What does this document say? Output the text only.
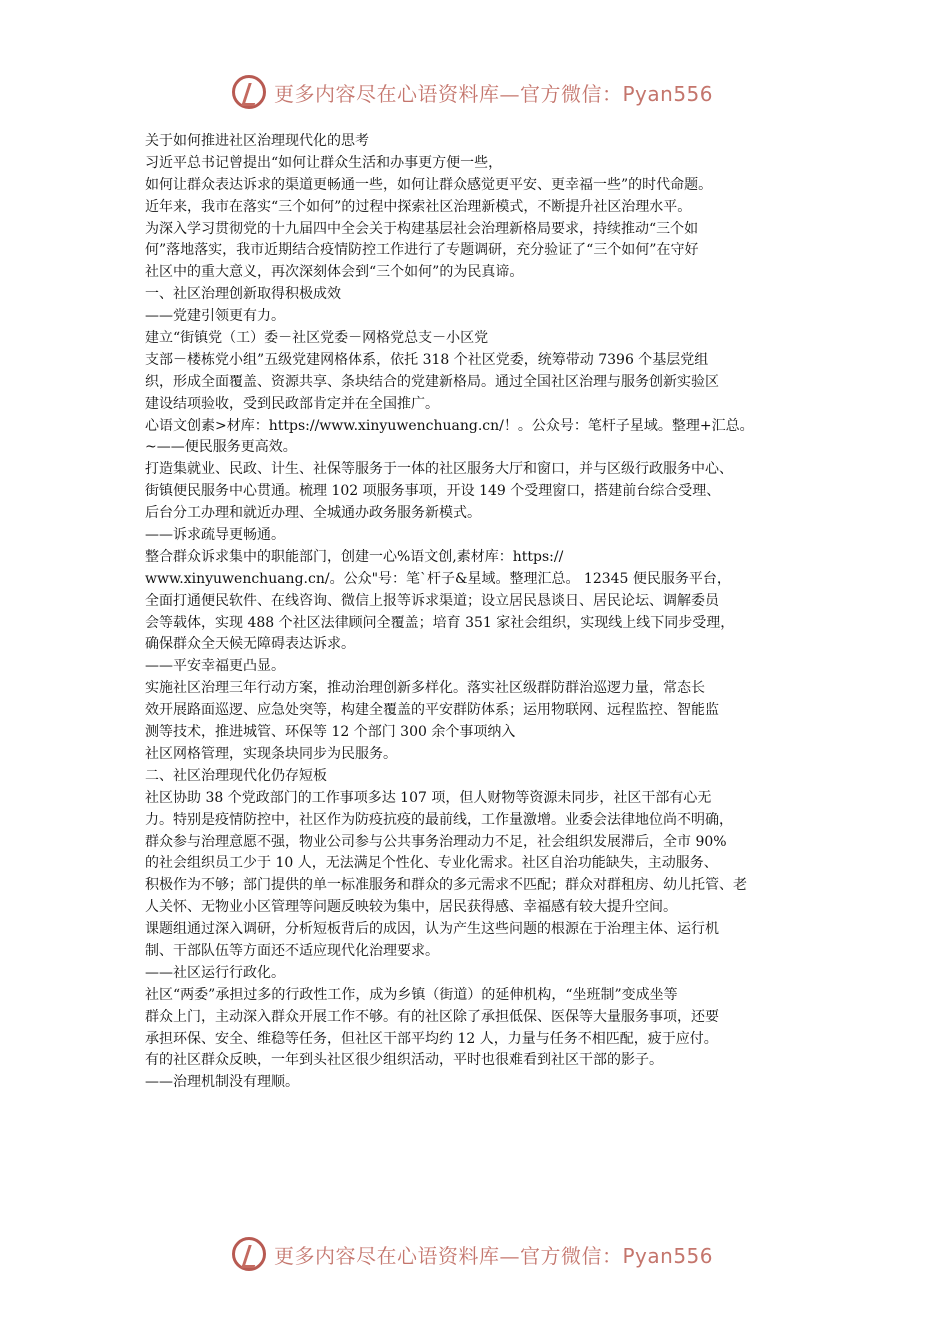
更多内容尽在心语资料库—官方微信：Pyan556
关于如何推进社区治理现代化的思考
习近平总书记曾提出“如何让群众生活和办事更方便一些，
如何让群众表达诉求的渠道更畅通一些，如何让群众感觉更平安、更幸福一些”的时代命题。
近年来，我市在落实“三个如何”的过程中探索社区治理新模式，不断提升社区治理水平。
为深入学习贯彻党的十九届四中全会关于构建基层社会治理新格局要求，持续推动“三个如
何”落地落实，我市近期结合疫情防控工作进行了专题调研，充分验证了“三个如何”在守好
社区中的重大意义，再次深刻体会到“三个如何”的为民真谛。
一、社区治理创新取得积极成效
——党建引领更有力。
建立“街镇党（工）委－社区党委－网格党总支－小区党
支部－楼栋党小组”五级党建网格体系，依托 318 个社区党委，统筹带动 7396 个基层党组
织，形成全面覆盖、资源共享、条块结合的党建新格局。通过全国社区治理与服务创新实验区
建设结项验收，受到民政部肯定并在全国推广。
心语文创素>材库：https://www.xinyuwenchuang.cn/！。公众号：笔杆子星域。整理+汇总。
~——便民服务更高效。
打造集就业、民政、计生、社保等服务于一体的社区服务大厅和窗口，并与区级行政服务中心、
街镇便民服务中心贯通。梳理 102 项服务事项，开设 149 个受理窗口，搭建前台综合受理、
后台分工办理和就近办理、全城通办政务服务新模式。
——诉求疏导更畅通。
整合群众诉求集中的职能部门，创建一心%语文创,素材库：https://
www.xinyuwenchuang.cn/。公众"号：笔`杆子&星域。整理汇总。 12345 便民服务平台，
全面打通便民软件、在线咨询、微信上报等诉求渠道；设立居民恳谈日、居民论坛、调解委员
会等载体，实现 488 个社区法律顾问全覆盖；培育 351 家社会组织，实现线上线下同步受理，
确保群众全天候无障碍表达诉求。
——平安幸福更凸显。
实施社区治理三年行动方案，推动治理创新多样化。落实社区级群防群治巡逻力量，常态长
效开展路面巡逻、应急处突等，构建全覆盖的平安群防体系；运用物联网、远程监控、智能监
测等技术，推进城管、环保等 12 个部门 300 余个事项纳入
社区网格管理，实现条块同步为民服务。
二、社区治理现代化仍存短板
社区协助 38 个党政部门的工作事项多达 107 项，但人财物等资源未同步，社区干部有心无
力。特别是疫情防控中，社区作为防疫抗疫的最前线，工作量激增。业委会法律地位尚不明确，
群众参与治理意愿不强，物业公司参与公共事务治理动力不足，社会组织发展滞后，全市 90%
的社会组织员工少于 10 人，无法满足个性化、专业化需求。社区自治功能缺失，主动服务、
积极作为不够；部门提供的单一标准服务和群众的多元需求不匹配；群众对群租房、幼儿托管、老
人关怀、无物业小区管理等问题反映较为集中，居民获得感、幸福感有较大提升空间。
课题组通过深入调研，分析短板背后的成因，认为产生这些问题的根源在于治理主体、运行机
制、干部队伍等方面还不适应现代化治理要求。
——社区运行行政化。
社区“两委”承担过多的行政性工作，成为乡镇（街道）的延伸机构，“坐班制”变成坐等
群众上门，主动深入群众开展工作不够。有的社区除了承担低保、医保等大量服务事项，还要
承担环保、安全、维稳等任务，但社区干部平均约 12 人，力量与任务不相匹配，疲于应付。
有的社区群众反映，一年到头社区很少组织活动，平时也很难看到社区干部的影子。
——治理机制没有理顺。
更多内容尽在心语资料库—官方微信：Pyan556
